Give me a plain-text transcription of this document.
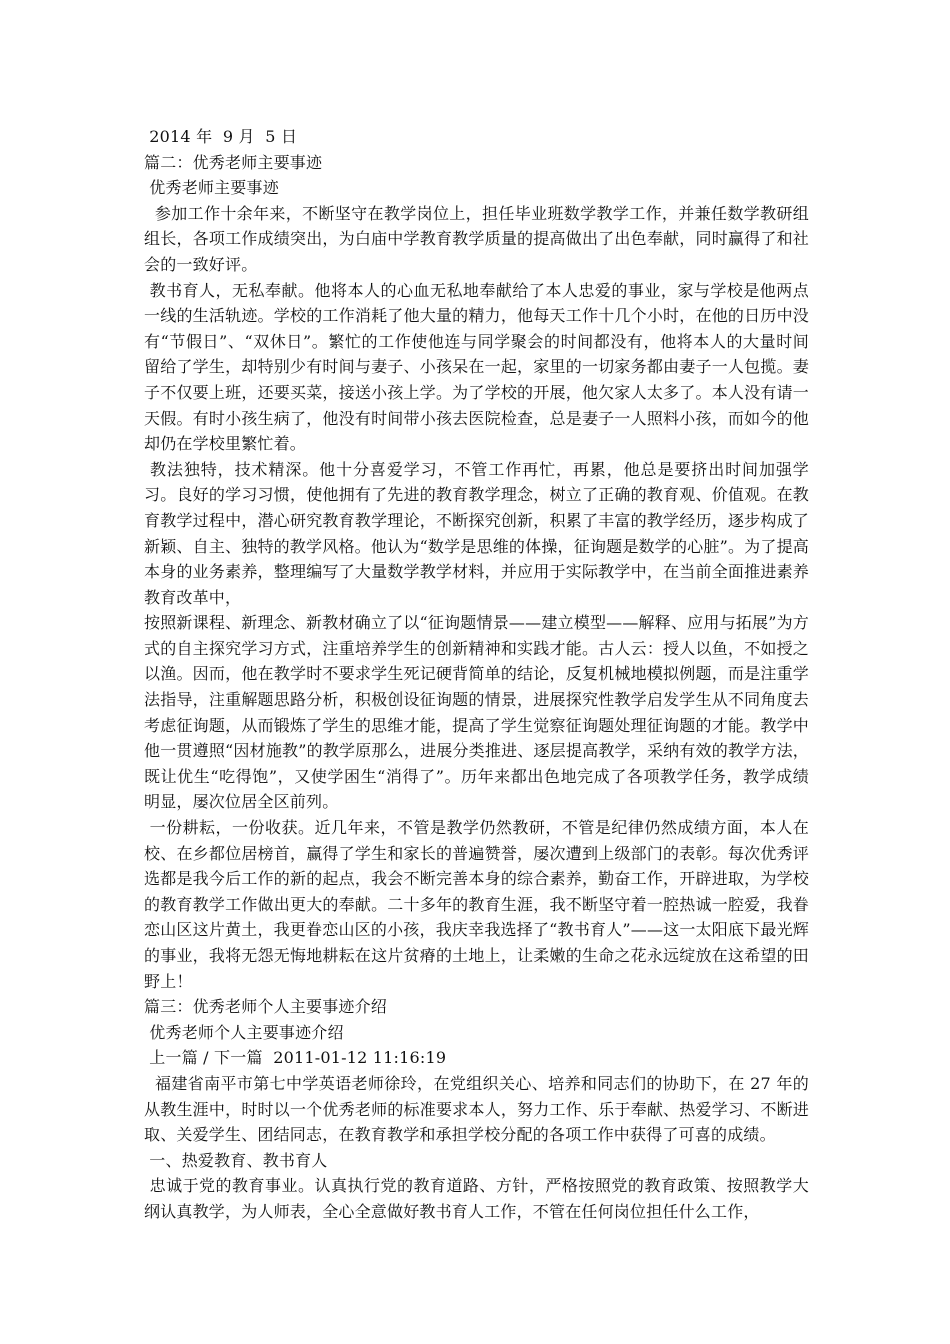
2014 年  9 月  5 日

篇二：优秀老师主要事迹

优秀老师主要事迹

参加工作十余年来，不断坚守在教学岗位上，担任毕业班数学教学工作，并兼任数学教研组组长，各项工作成绩突出，为白庙中学教育教学质量的提高做出了出色奉献，同时赢得了和社会的一致好评。

教书育人，无私奉献。他将本人的心血无私地奉献给了本人忠爱的事业，家与学校是他两点一线的生活轨迹。学校的工作消耗了他大量的精力，他每天工作十几个小时，在他的日历中没有“节假日”、“双休日”。繁忙的工作使他连与同学聚会的时间都没有，他将本人的大量时间留给了学生，却特别少有时间与妻子、小孩呆在一起，家里的一切家务都由妻子一人包揽。妻子不仅要上班，还要买菜，接送小孩上学。为了学校的开展，他欠家人太多了。本人没有请一天假。有时小孩生病了，他没有时间带小孩去医院检查，总是妻子一人照料小孩，而如今的他却仍在学校里繁忙着。

教法独特，技术精深。他十分喜爱学习，不管工作再忙，再累，他总是要挤出时间加强学习。良好的学习习惯，使他拥有了先进的教育教学理念，树立了正确的教育观、价值观。在教育教学过程中，潜心研究教育教学理论，不断探究创新，积累了丰富的教学经历，逐步构成了新颖、自主、独特的教学风格。他认为“数学是思维的体操，征询题是数学的心脏”。为了提高本身的业务素养，整理编写了大量数学教学材料，并应用于实际教学中，在当前全面推进素养教育改革中，

按照新课程、新理念、新教材确立了以“征询题情景——建立模型——解释、应用与拓展”为方式的自主探究学习方式，注重培养学生的创新精神和实践才能。古人云：授人以鱼，不如授之以渔。因而，他在教学时不要求学生死记硬背简单的结论，反复机械地模拟例题，而是注重学法指导，注重解题思路分析，积极创设征询题的情景，进展探究性教学启发学生从不同角度去考虑征询题，从而锻炼了学生的思维才能，提高了学生觉察征询题处理征询题的才能。教学中他一贯遵照“因材施教”的教学原那么，进展分类推进、逐层提高教学，采纳有效的教学方法，既让优生“吃得饱”，又使学困生“消得了”。历年来都出色地完成了各项教学任务，教学成绩明显，屡次位居全区前列。

一份耕耘，一份收获。近几年来，不管是教学仍然教研，不管是纪律仍然成绩方面，本人在校、在乡都位居榜首，赢得了学生和家长的普遍赞誉，屡次遭到上级部门的表彰。每次优秀评选都是我今后工作的新的起点，我会不断完善本身的综合素养，勤奋工作，开辟进取，为学校的教育教学工作做出更大的奉献。二十多年的教育生涯，我不断坚守着一腔热诚一腔爱，我眷恋山区这片黄土，我更眷恋山区的小孩，我庆幸我选择了“教书育人”——这一太阳底下最光辉的事业，我将无怨无悔地耕耘在这片贫瘠的土地上，让柔嫩的生命之花永远绽放在这希望的田野上！

篇三：优秀老师个人主要事迹介绍

优秀老师个人主要事迹介绍

上一篇 / 下一篇  2011-01-12 11:16:19

福建省南平市第七中学英语老师徐玲，在党组织关心、培养和同志们的协助下，在 27 年的从教生涯中，时时以一个优秀老师的标准要求本人，努力工作、乐于奉献、热爱学习、不断进取、关爱学生、团结同志，在教育教学和承担学校分配的各项工作中获得了可喜的成绩。

一、热爱教育、教书育人

忠诚于党的教育事业。认真执行党的教育道路、方针，严格按照党的教育政策、按照教学大纲认真教学，为人师表，全心全意做好教书育人工作，不管在任何岗位担任什么工作，
